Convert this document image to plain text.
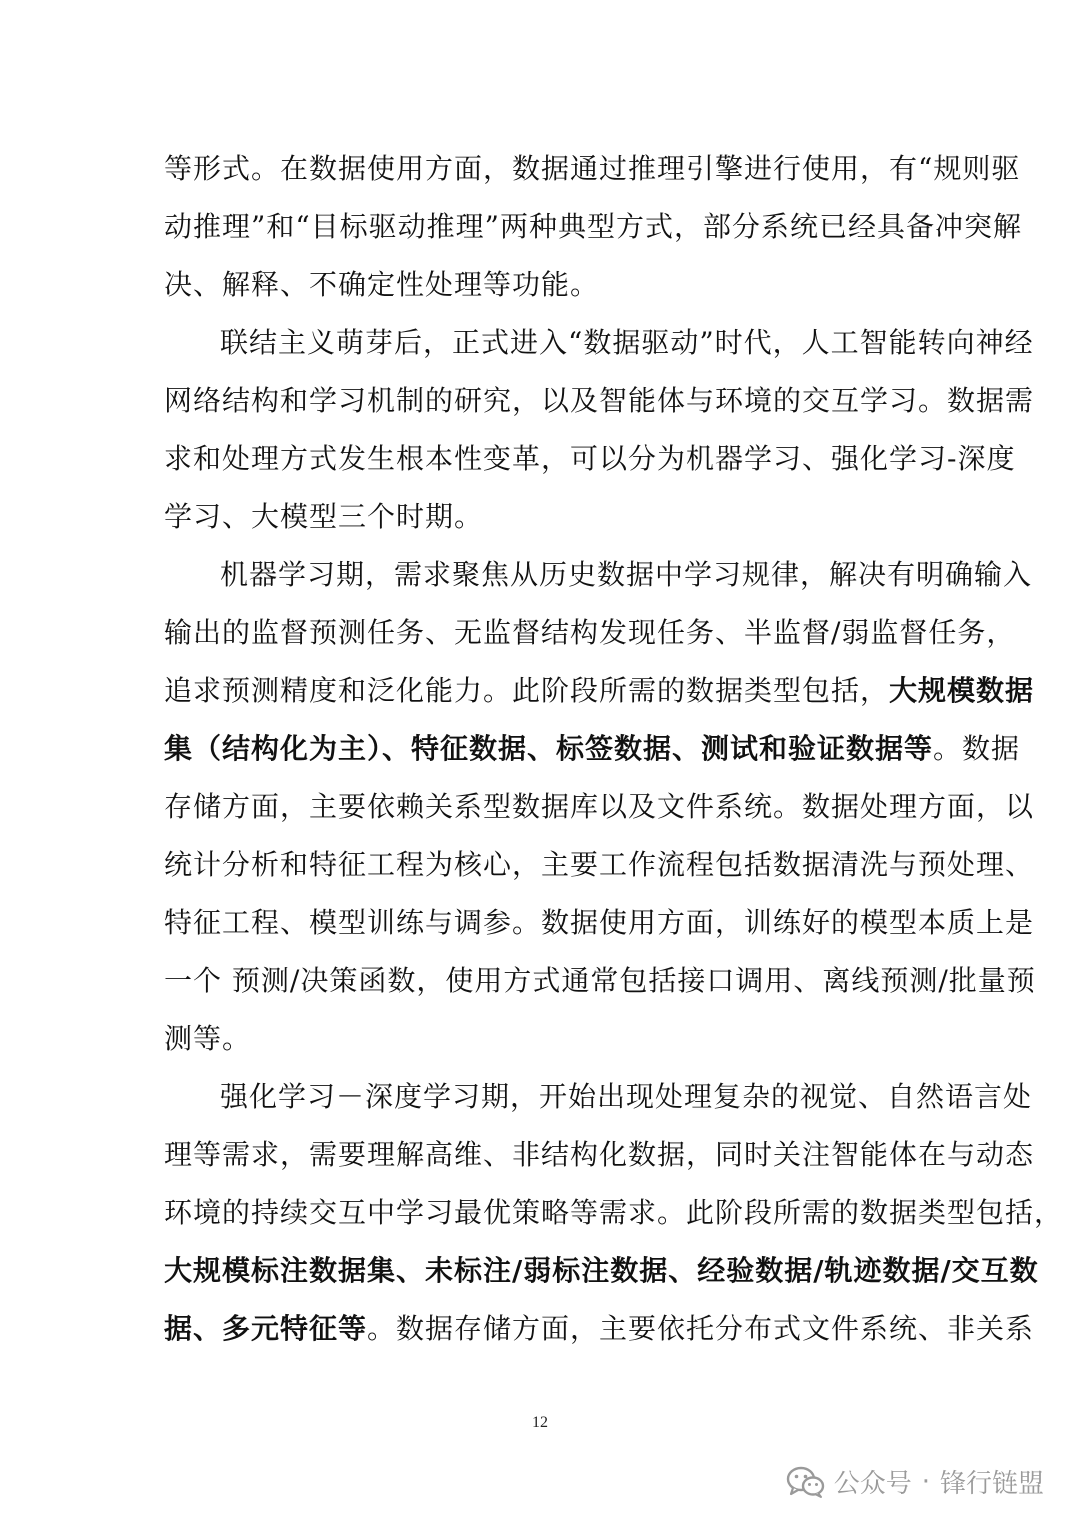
等形式。在数据使用方面，数据通过推理引擎进行使用，有“规则驱
动推理”和“目标驱动推理”两种典型方式，部分系统已经具备冲突解
决、解释、不确定性处理等功能。
联结主义萌芽后，正式进入“数据驱动”时代，人工智能转向神经
网络结构和学习机制的研究，以及智能体与环境的交互学习。数据需
求和处理方式发生根本性变革，可以分为机器学习、强化学习-深度
学习、大模型三个时期。
机器学习期，需求聚焦从历史数据中学习规律，解决有明确输入
输出的监督预测任务、无监督结构发现任务、半监督/弱监督任务，
追求预测精度和泛化能力。此阶段所需的数据类型包括，大规模数据
集（结构化为主）、特征数据、标签数据、测试和验证数据等。数据
存储方面，主要依赖关系型数据库以及文件系统。数据处理方面，以
统计分析和特征工程为核心，主要工作流程包括数据清洗与预处理、
特征工程、模型训练与调参。数据使用方面，训练好的模型本质上是
一个 预测/决策函数，使用方式通常包括接口调用、离线预测/批量预
测等。
强化学习－深度学习期，开始出现处理复杂的视觉、自然语言处
理等需求，需要理解高维、非结构化数据，同时关注智能体在与动态
环境的持续交互中学习最优策略等需求。此阶段所需的数据类型包括，
大规模标注数据集、未标注/弱标注数据、经验数据/轨迹数据/交互数
据、多元特征等。数据存储方面，主要依托分布式文件系统、非关系
12
公众号 · 锋行链盟
